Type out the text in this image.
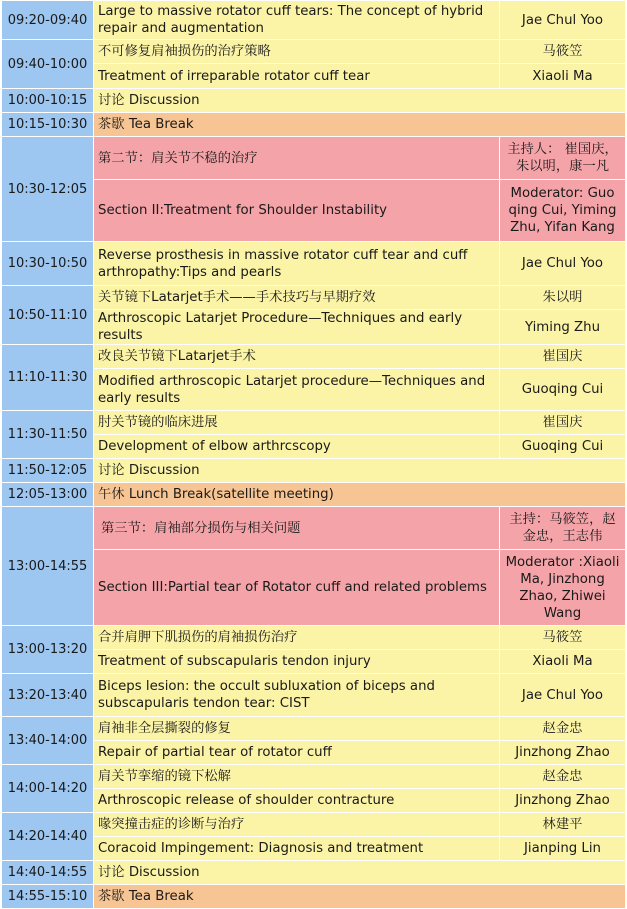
09:20-09:40	Large to massive rotator cuff tears: The concept of hybrid repair and augmentation	Jae Chul Yoo
09:40-10:00	不可修复肩袖损伤的治疗策略	马筱笠
	Treatment of irreparable rotator cuff tear	Xiaoli Ma
10:00-10:15	讨论 Discussion	
10:15-10:30	茶歇 Tea Break	
10:30-12:05	第二节：肩关节不稳的治疗	主持人： 崔国庆，朱以明，康一凡
	Section II:Treatment for Shoulder Instability	Moderator: Guo qing Cui, Yiming Zhu, Yifan Kang
10:30-10:50	Reverse prosthesis in massive rotator cuff tear and cuff arthropathy:Tips and pearls	Jae Chul Yoo
10:50-11:10	关节镜下Latarjet手术——手术技巧与早期疗效	朱以明
	Arthroscopic Latarjet Procedure—Techniques and early results	Yiming Zhu
11:10-11:30	改良关节镜下Latarjet手术	崔国庆
	Modified arthroscopic Latarjet procedure—Techniques and early results	Guoqing Cui
11:30-11:50	肘关节镜的临床进展	崔国庆
	Development of elbow arthrcscopy	Guoqing Cui
11:50-12:05	讨论 Discussion	
12:05-13:00	午休 Lunch Break(satellite meeting)	
13:00-14:55	第三节：肩袖部分损伤与相关问题	主持：马筱笠，赵金忠，王志伟
	Section III:Partial tear of Rotator cuff and related problems	Moderator :Xiaoli Ma, Jinzhong Zhao, Zhiwei Wang
13:00-13:20	合并肩胛下肌损伤的肩袖损伤治疗	马筱笠
	Treatment of subscapularis tendon injury	Xiaoli Ma
13:20-13:40	Biceps lesion: the occult subluxation of biceps and subscapularis tendon tear: CIST	Jae Chul Yoo
13:40-14:00	肩袖非全层撕裂的修复	赵金忠
	Repair of partial tear of rotator cuff	Jinzhong Zhao
14:00-14:20	肩关节挛缩的镜下松解	赵金忠
	Arthroscopic release of shoulder contracture	Jinzhong Zhao
14:20-14:40	喙突撞击症的诊断与治疗	林建平
	Coracoid Impingement: Diagnosis and treatment	Jianping Lin
14:40-14:55	讨论 Discussion	
14:55-15:10	茶歇 Tea Break	
